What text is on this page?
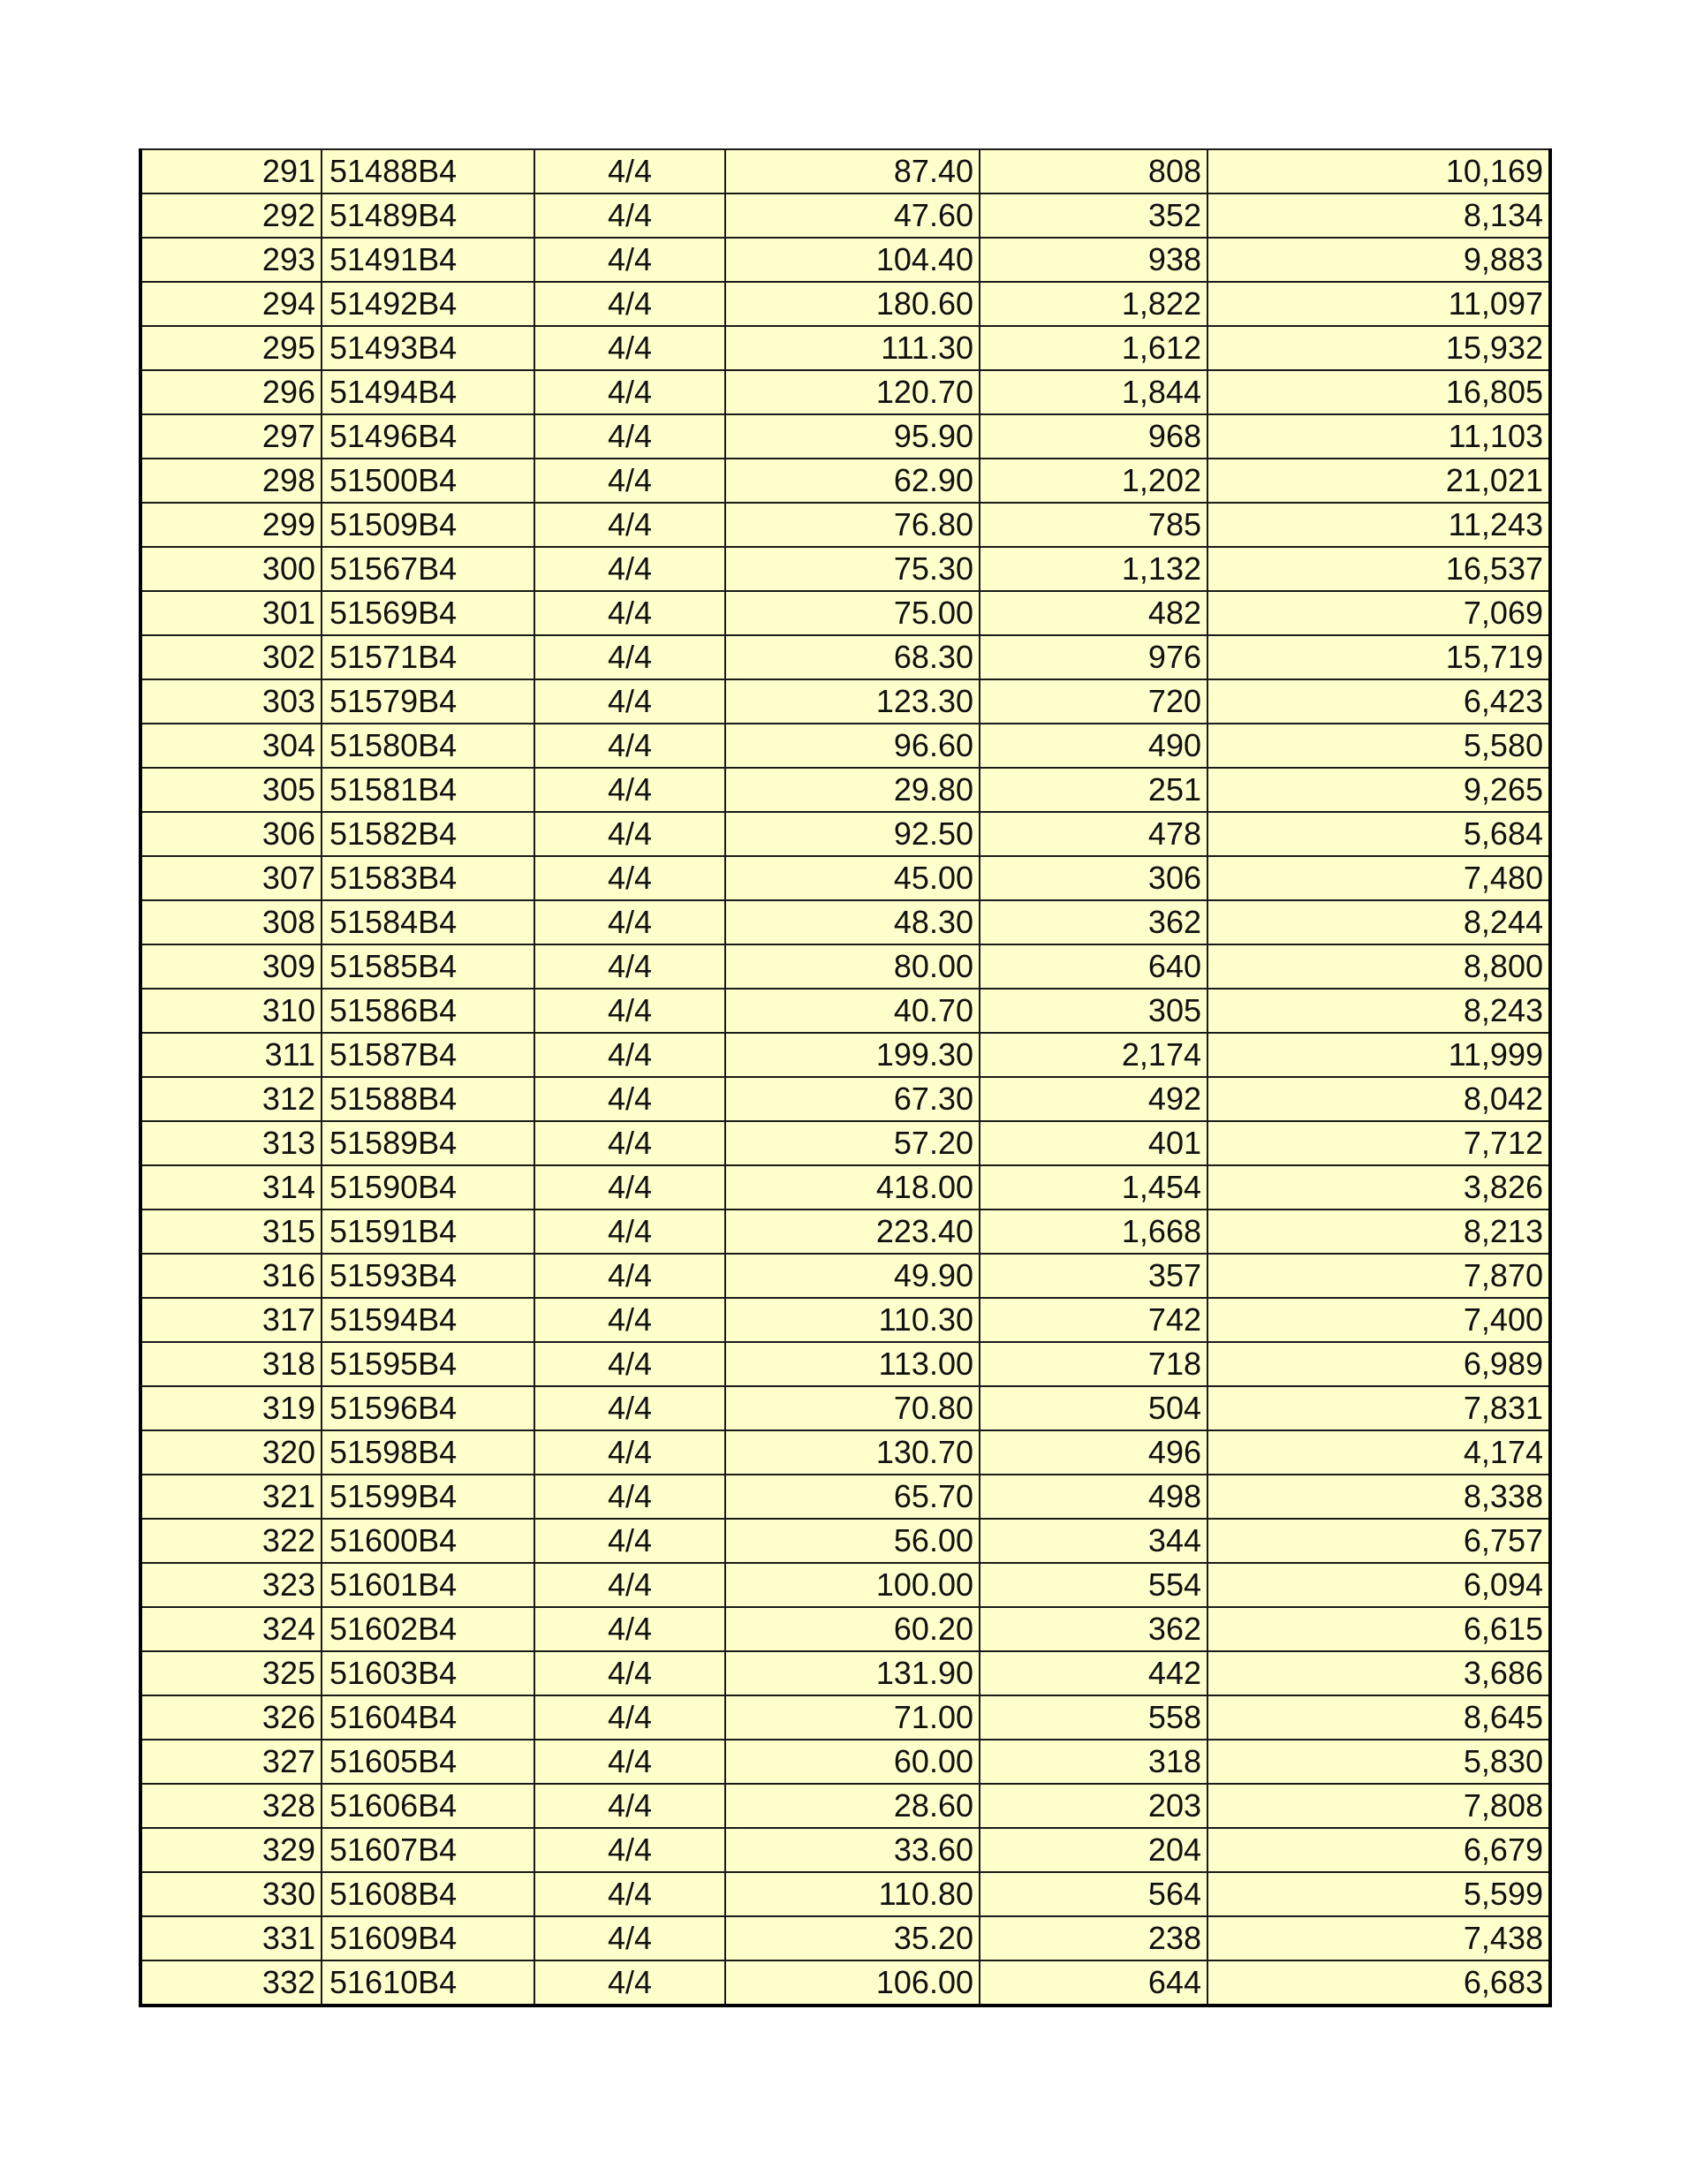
291	51488B4	4/4	87.40	808	10,169
292	51489B4	4/4	47.60	352	8,134
293	51491B4	4/4	104.40	938	9,883
294	51492B4	4/4	180.60	1,822	11,097
295	51493B4	4/4	111.30	1,612	15,932
296	51494B4	4/4	120.70	1,844	16,805
297	51496B4	4/4	95.90	968	11,103
298	51500B4	4/4	62.90	1,202	21,021
299	51509B4	4/4	76.80	785	11,243
300	51567B4	4/4	75.30	1,132	16,537
301	51569B4	4/4	75.00	482	7,069
302	51571B4	4/4	68.30	976	15,719
303	51579B4	4/4	123.30	720	6,423
304	51580B4	4/4	96.60	490	5,580
305	51581B4	4/4	29.80	251	9,265
306	51582B4	4/4	92.50	478	5,684
307	51583B4	4/4	45.00	306	7,480
308	51584B4	4/4	48.30	362	8,244
309	51585B4	4/4	80.00	640	8,800
310	51586B4	4/4	40.70	305	8,243
311	51587B4	4/4	199.30	2,174	11,999
312	51588B4	4/4	67.30	492	8,042
313	51589B4	4/4	57.20	401	7,712
314	51590B4	4/4	418.00	1,454	3,826
315	51591B4	4/4	223.40	1,668	8,213
316	51593B4	4/4	49.90	357	7,870
317	51594B4	4/4	110.30	742	7,400
318	51595B4	4/4	113.00	718	6,989
319	51596B4	4/4	70.80	504	7,831
320	51598B4	4/4	130.70	496	4,174
321	51599B4	4/4	65.70	498	8,338
322	51600B4	4/4	56.00	344	6,757
323	51601B4	4/4	100.00	554	6,094
324	51602B4	4/4	60.20	362	6,615
325	51603B4	4/4	131.90	442	3,686
326	51604B4	4/4	71.00	558	8,645
327	51605B4	4/4	60.00	318	5,830
328	51606B4	4/4	28.60	203	7,808
329	51607B4	4/4	33.60	204	6,679
330	51608B4	4/4	110.80	564	5,599
331	51609B4	4/4	35.20	238	7,438
332	51610B4	4/4	106.00	644	6,683
